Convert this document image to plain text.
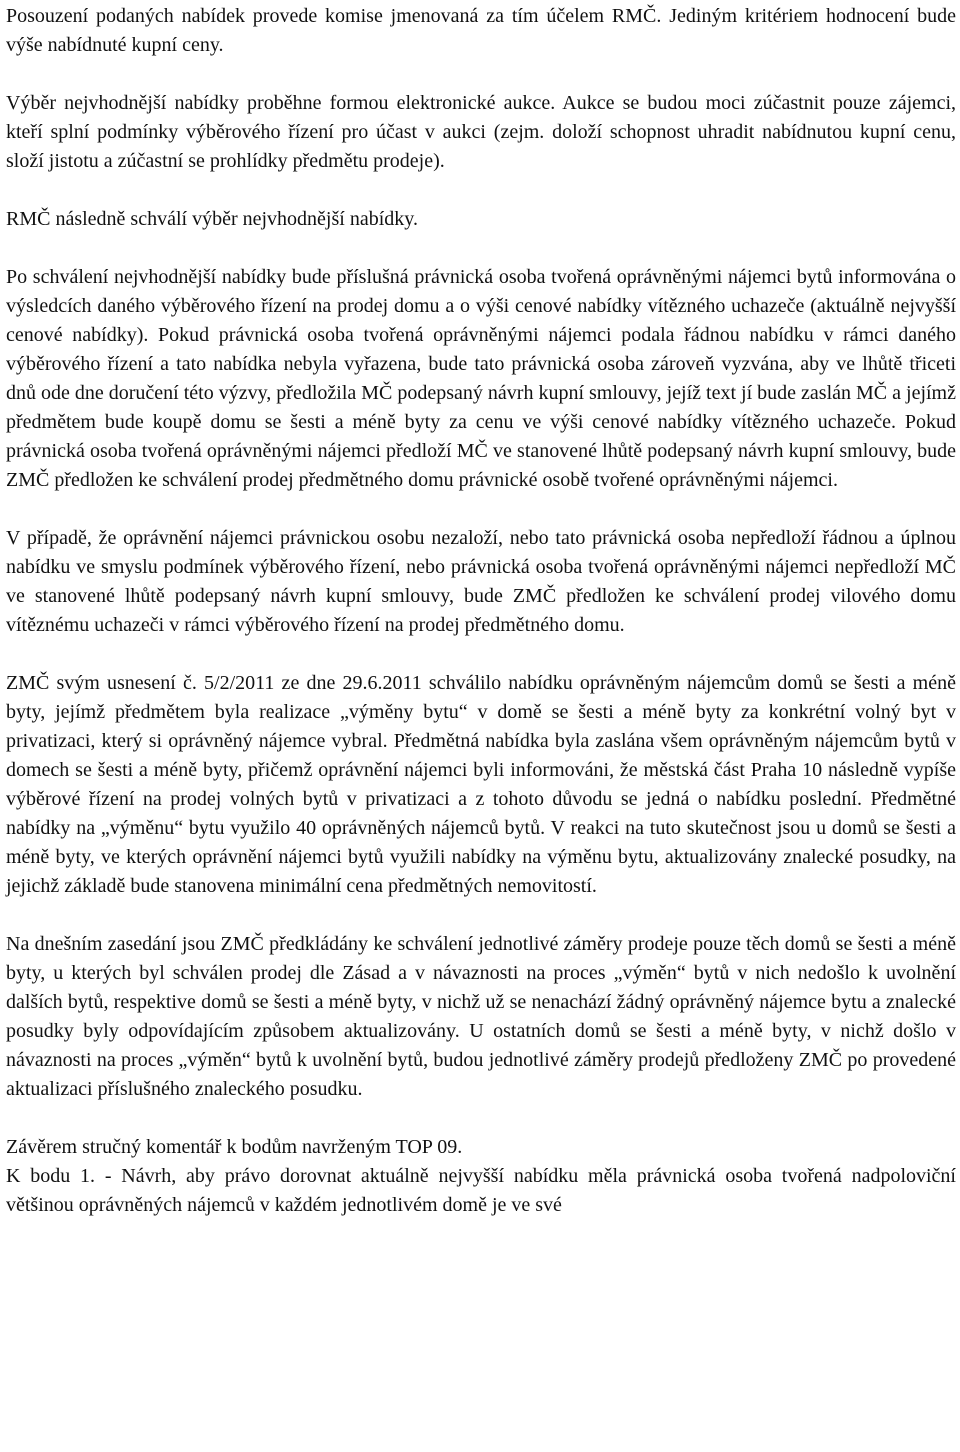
Posouzení podaných nabídek provede komise jmenovaná za tím účelem RMČ. Jediným kritériem hodnocení bude výše nabídnuté kupní ceny.

Výběr nejvhodnější nabídky proběhne formou elektronické aukce. Aukce se budou moci zúčastnit pouze zájemci, kteří splní podmínky výběrového řízení pro účast v aukci (zejm. doloží schopnost uhradit nabídnutou kupní cenu, složí jistotu a zúčastní se prohlídky předmětu prodeje).

RMČ následně schválí výběr nejvhodnější nabídky.

Po schválení nejvhodnější nabídky bude příslušná právnická osoba tvořená oprávněnými nájemci bytů informována o výsledcích daného výběrového řízení na prodej domu a o výši cenové nabídky vítězného uchazeče (aktuálně nejvyšší cenové nabídky). Pokud právnická osoba tvořená oprávněnými nájemci podala řádnou nabídku v rámci daného výběrového řízení a tato nabídka nebyla vyřazena, bude tato právnická osoba zároveň vyzvána, aby ve lhůtě třiceti dnů ode dne doručení této výzvy, předložila MČ podepsaný návrh kupní smlouvy, jejíž text jí bude zaslán MČ a jejímž předmětem bude koupě domu se šesti a méně byty za cenu ve výši cenové nabídky vítězného uchazeče. Pokud právnická osoba tvořená oprávněnými nájemci předloží MČ ve stanovené lhůtě podepsaný návrh kupní smlouvy, bude ZMČ předložen ke schválení prodej předmětného domu právnické osobě tvořené oprávněnými nájemci.

V případě, že oprávnění nájemci právnickou osobu nezaloží, nebo tato právnická osoba nepředloží řádnou a úplnou nabídku ve smyslu podmínek výběrového řízení, nebo právnická osoba tvořená oprávněnými nájemci nepředloží MČ ve stanovené lhůtě podepsaný návrh kupní smlouvy, bude ZMČ předložen ke schválení prodej vilového domu vítěznému uchazeči v rámci výběrového řízení na prodej předmětného domu.

ZMČ svým usnesení č. 5/2/2011 ze dne 29.6.2011 schválilo nabídku oprávněným nájemcům domů se šesti a méně byty, jejímž předmětem byla realizace „výměny bytu“ v domě se šesti a méně byty za konkrétní volný byt v privatizaci, který si oprávněný nájemce vybral. Předmětná nabídka byla zaslána všem oprávněným nájemcům bytů v domech se šesti a méně byty, přičemž oprávnění nájemci byli informováni, že městská část Praha 10 následně vypíše výběrové řízení na prodej volných bytů v privatizaci a z tohoto důvodu se jedná o nabídku poslední. Předmětné nabídky na „výměnu“ bytu využilo 40 oprávněných nájemců bytů. V reakci na tuto skutečnost jsou u domů se šesti a méně byty, ve kterých oprávnění nájemci bytů využili nabídky na výměnu bytu, aktualizovány znalecké posudky, na jejichž základě bude stanovena minimální cena předmětných nemovitostí.

Na dnešním zasedání jsou ZMČ předkládány ke schválení jednotlivé záměry prodeje pouze těch domů se šesti a méně byty, u kterých byl schválen prodej dle Zásad a v návaznosti na proces „výměn“ bytů v nich nedošlo k uvolnění dalších bytů, respektive domů se šesti a méně byty, v nichž už se nenachází žádný oprávněný nájemce bytu a znalecké posudky byly odpovídajícím způsobem aktualizovány. U ostatních domů se šesti a méně byty, v nichž došlo v návaznosti na proces „výměn“ bytů k uvolnění bytů, budou jednotlivé záměry prodejů předloženy ZMČ po provedené aktualizaci příslušného znaleckého posudku.

Závěrem stručný komentář k bodům navrženým TOP 09.

K bodu 1. - Návrh, aby právo dorovnat aktuálně nejvyšší nabídku měla právnická osoba tvořená nadpoloviční většinou oprávněných nájemců v každém jednotlivém domě je ve své
